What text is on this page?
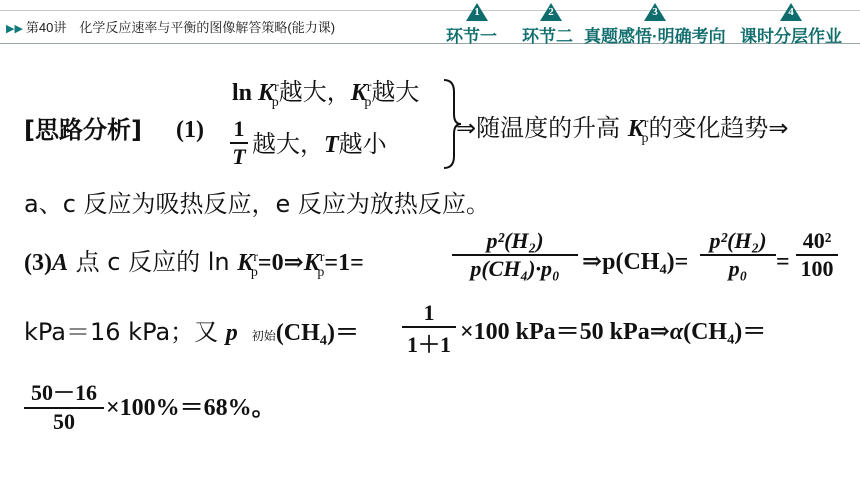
▶▶ 第40讲　化学反应速率与平衡的图像解答策略(能力课)
1
环节一
2
环节二
3
真题感悟·明确考向
4
课时分层作业
[思路分析] (1)
$\ln K^r_p$越大，$K^r_p$越大
1
T 越大，T越小
⇒随温度的升高 $K^r_p$的变化趋势⇒
a、c 反应为吸热反应，e 反应为放热反应。
(3)A 点 c 反应的 $\ln K^r_p=0\Rightarrow K^r_p=1=$
p²(H₂)
p(CH₄)·p₀ ⇒p(CH₄)=
p²(H₂)
p₀	=
40²
100
kPa＝16 kPa；又 p 初始(CH₄)＝
1
1＋1 ×100 kPa＝50 kPa⇒α(CH₄)＝
50－16
50
×100%＝68%。
